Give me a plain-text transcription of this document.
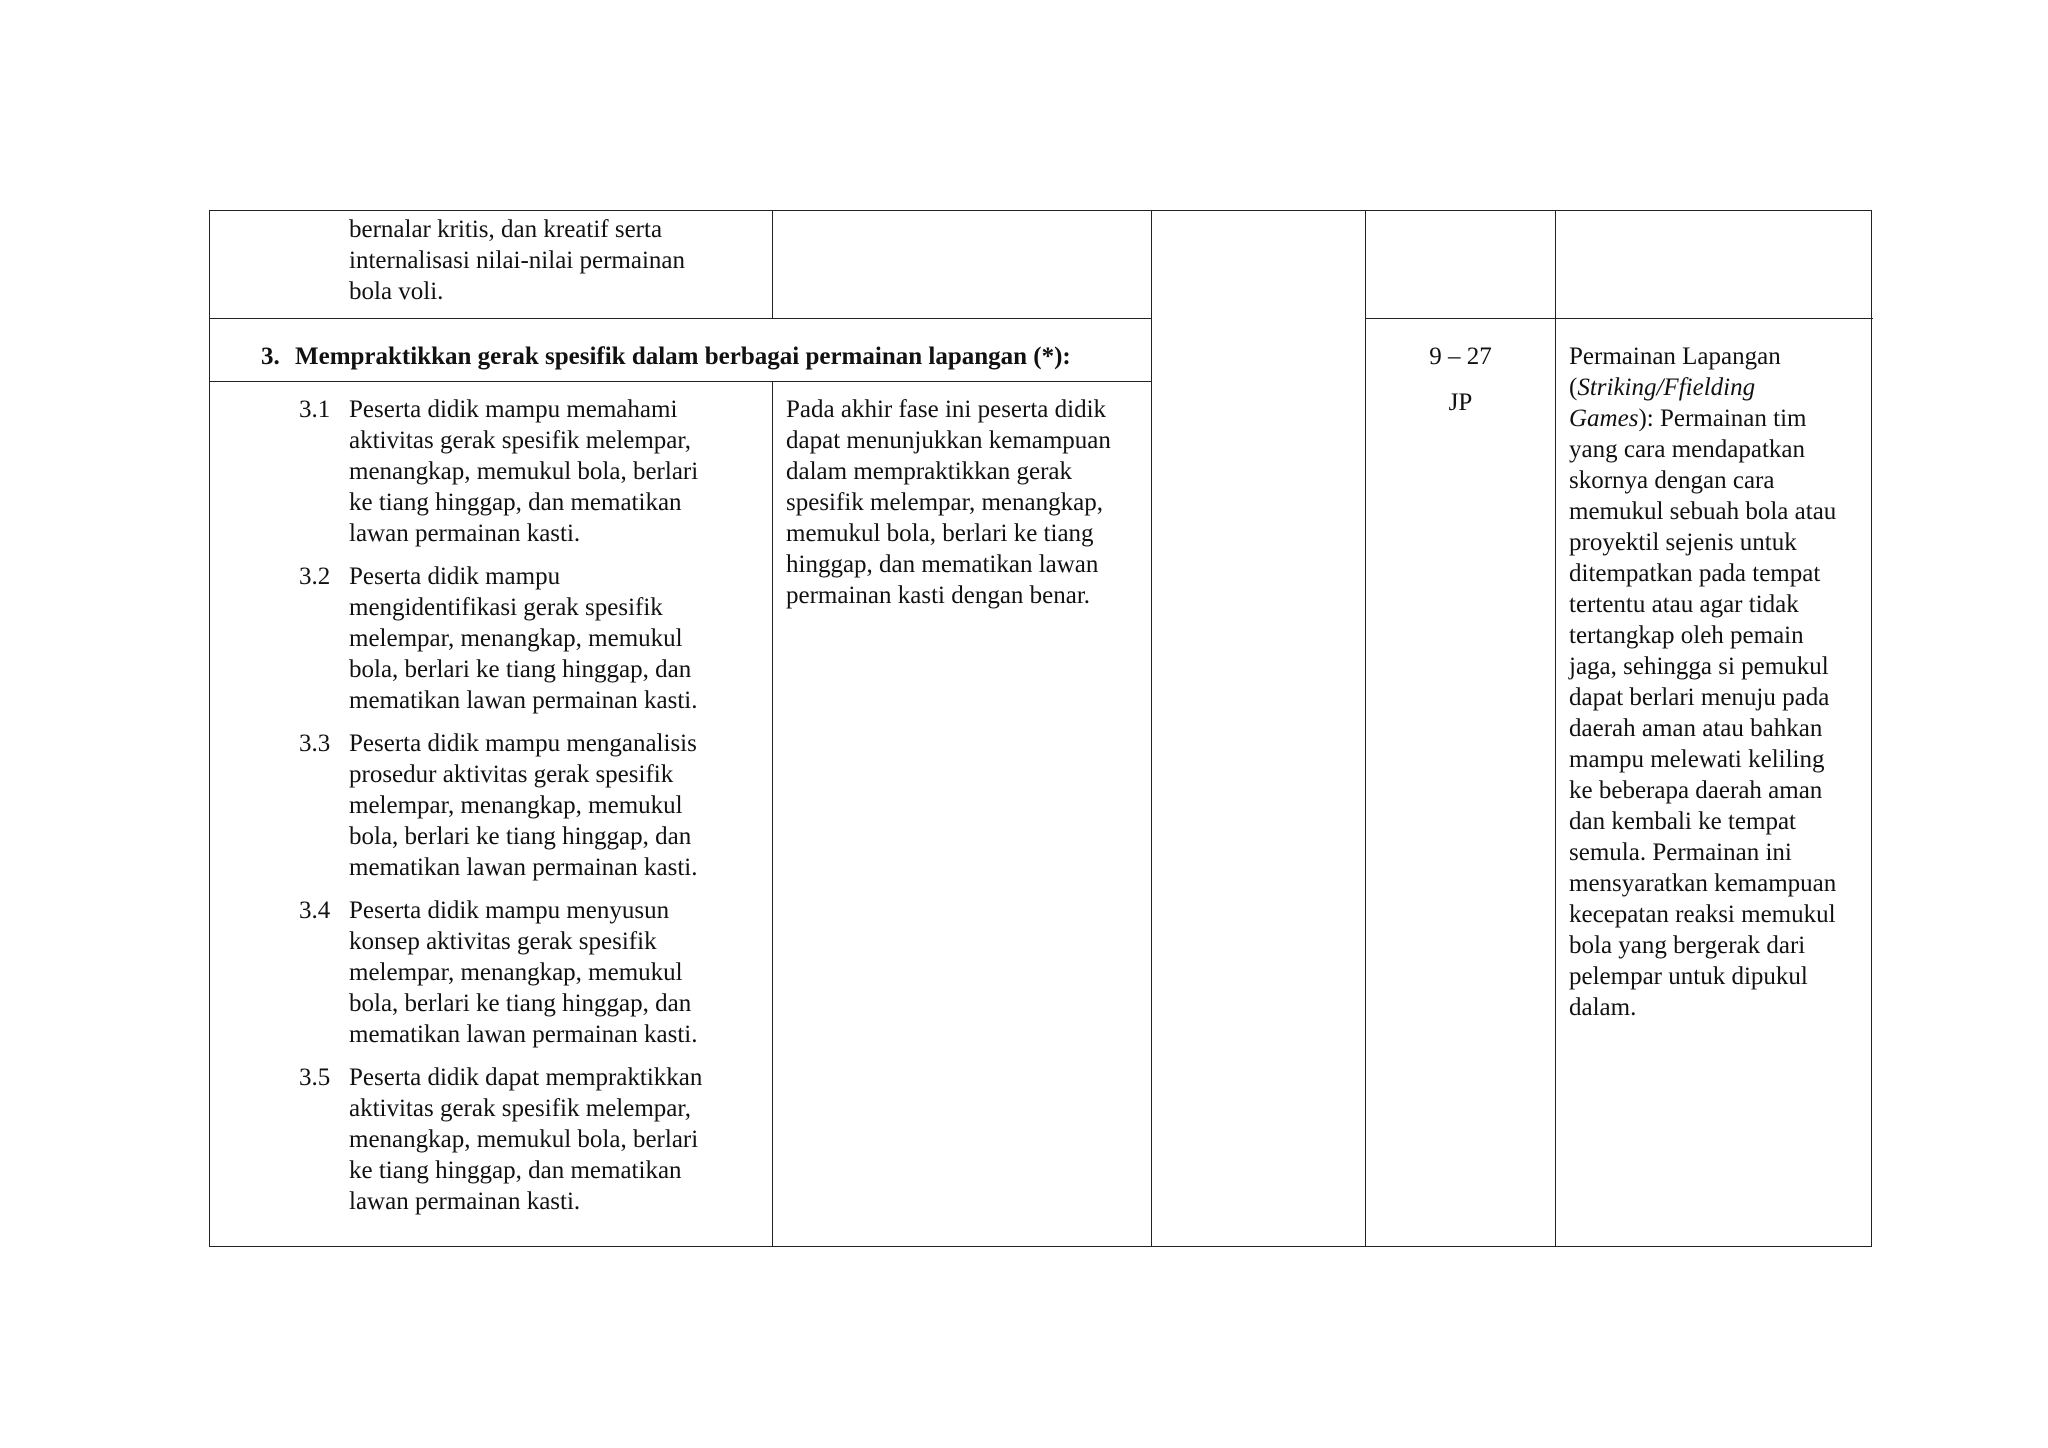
bernalar kritis, dan kreatif serta
internalisasi nilai-nilai permainan
bola voli.
3. Mempraktikkan gerak spesifik dalam berbagai permainan lapangan (*):
3.1 Peserta didik mampu memahami
aktivitas gerak spesifik melempar,
menangkap, memukul bola, berlari
ke tiang hinggap, dan mematikan
lawan permainan kasti.
3.2 Peserta didik mampu
mengidentifikasi gerak spesifik
melempar, menangkap, memukul
bola, berlari ke tiang hinggap, dan
mematikan lawan permainan kasti.
3.3 Peserta didik mampu menganalisis
prosedur aktivitas gerak spesifik
melempar, menangkap, memukul
bola, berlari ke tiang hinggap, dan
mematikan lawan permainan kasti.
3.4 Peserta didik mampu menyusun
konsep aktivitas gerak spesifik
melempar, menangkap, memukul
bola, berlari ke tiang hinggap, dan
mematikan lawan permainan kasti.
3.5 Peserta didik dapat mempraktikkan
aktivitas gerak spesifik melempar,
menangkap, memukul bola, berlari
ke tiang hinggap, dan mematikan
lawan permainan kasti.
Pada akhir fase ini peserta didik
dapat menunjukkan kemampuan
dalam mempraktikkan gerak
spesifik melempar, menangkap,
memukul bola, berlari ke tiang
hinggap, dan mematikan lawan
permainan kasti dengan benar.
9 – 27
JP
Permainan Lapangan
(Striking/Ffielding
Games): Permainan tim
yang cara mendapatkan
skornya dengan cara
memukul sebuah bola atau
proyektil sejenis untuk
ditempatkan pada tempat
tertentu atau agar tidak
tertangkap oleh pemain
jaga, sehingga si pemukul
dapat berlari menuju pada
daerah aman atau bahkan
mampu melewati keliling
ke beberapa daerah aman
dan kembali ke tempat
semula. Permainan ini
mensyaratkan kemampuan
kecepatan reaksi memukul
bola yang bergerak dari
pelempar untuk dipukul
dalam.
